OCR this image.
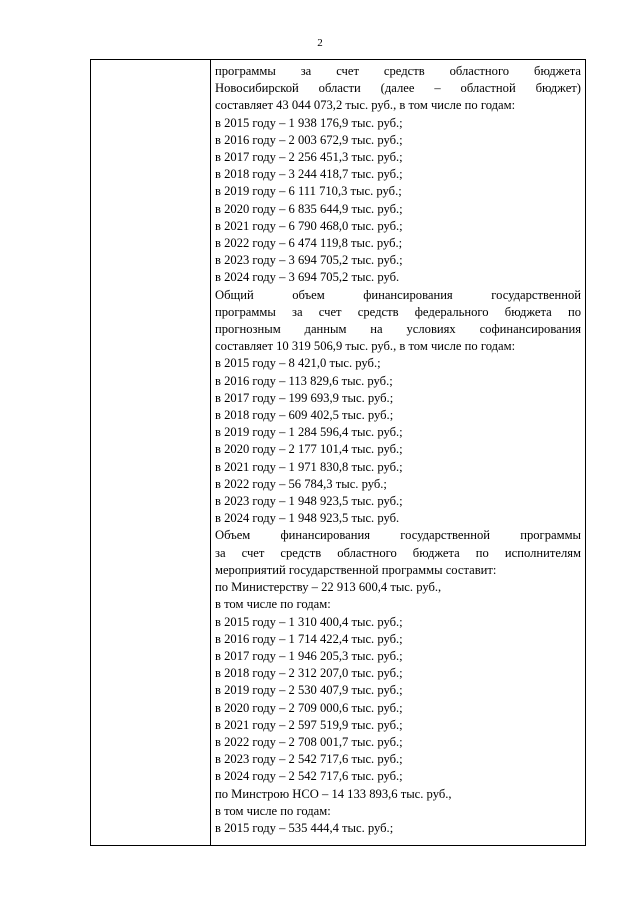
2
программы за счет средств областного бюджета
Новосибирской области (далее – областной бюджет)
составляет 43 044 073,2 тыс. руб., в том числе по годам:
в 2015 году – 1 938 176,9 тыс. руб.;
в 2016 году – 2 003 672,9 тыс. руб.;
в 2017 году – 2 256 451,3 тыс. руб.;
в 2018 году – 3 244 418,7 тыс. руб.;
в 2019 году – 6 111 710,3 тыс. руб.;
в 2020 году – 6 835 644,9 тыс. руб.;
в 2021 году – 6 790 468,0 тыс. руб.;
в 2022 году – 6 474 119,8 тыс. руб.;
в 2023 году – 3 694 705,2 тыс. руб.;
в 2024 году – 3 694 705,2 тыс. руб.
Общий объем финансирования государственной
программы за счет средств федерального бюджета по
прогнозным данным на условиях софинансирования
составляет 10 319 506,9 тыс. руб., в том числе по годам:
в 2015 году – 8 421,0 тыс. руб.;
в 2016 году – 113 829,6 тыс. руб.;
в 2017 году – 199 693,9 тыс. руб.;
в 2018 году – 609 402,5 тыс. руб.;
в 2019 году – 1 284 596,4 тыс. руб.;
в 2020 году – 2 177 101,4 тыс. руб.;
в 2021 году – 1 971 830,8 тыс. руб.;
в 2022 году – 56 784,3 тыс. руб.;
в 2023 году – 1 948 923,5 тыс. руб.;
в 2024 году – 1 948 923,5 тыс. руб.
Объем финансирования государственной программы
за счет средств областного бюджета по исполнителям
мероприятий государственной программы составит:
по Министерству – 22 913 600,4 тыс. руб.,
в том числе по годам:
в 2015 году – 1 310 400,4 тыс. руб.;
в 2016 году – 1 714 422,4 тыс. руб.;
в 2017 году – 1 946 205,3 тыс. руб.;
в 2018 году – 2 312 207,0 тыс. руб.;
в 2019 году – 2 530 407,9 тыс. руб.;
в 2020 году – 2 709 000,6 тыс. руб.;
в 2021 году – 2 597 519,9 тыс. руб.;
в 2022 году – 2 708 001,7 тыс. руб.;
в 2023 году – 2 542 717,6 тыс. руб.;
в 2024 году – 2 542 717,6 тыс. руб.;
по Минстрою НСО – 14 133 893,6 тыс. руб.,
в том числе по годам:
в 2015 году – 535 444,4 тыс. руб.;
